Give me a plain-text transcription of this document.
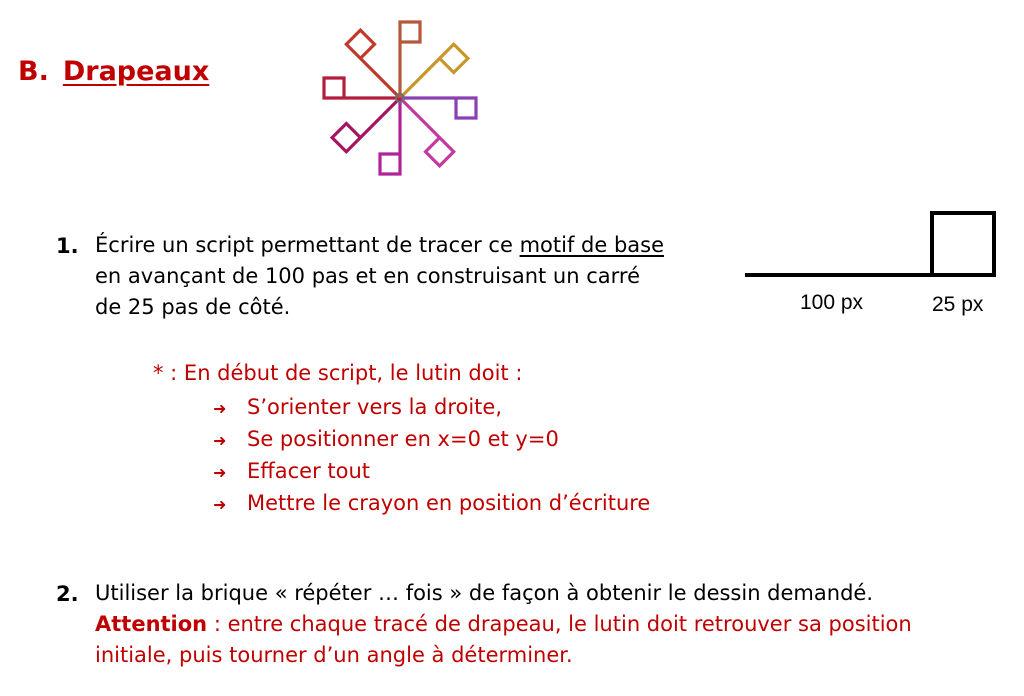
B. Drapeaux
100 px	25 px
1. Écrire un script permettant de tracer ce motif de base
en avançant de 100 pas et en construisant un carré
de 25 pas de côté.
* : En début de script, le lutin doit :
➜ S’orienter vers la droite,
➜ Se positionner en x=0 et y=0
➜ Effacer tout
➜ Mettre le crayon en position d’écriture
2. Utiliser la brique « répéter … fois » de façon à obtenir le dessin demandé.
Attention : entre chaque tracé de drapeau, le lutin doit retrouver sa position
initiale, puis tourner d’un angle à déterminer.
